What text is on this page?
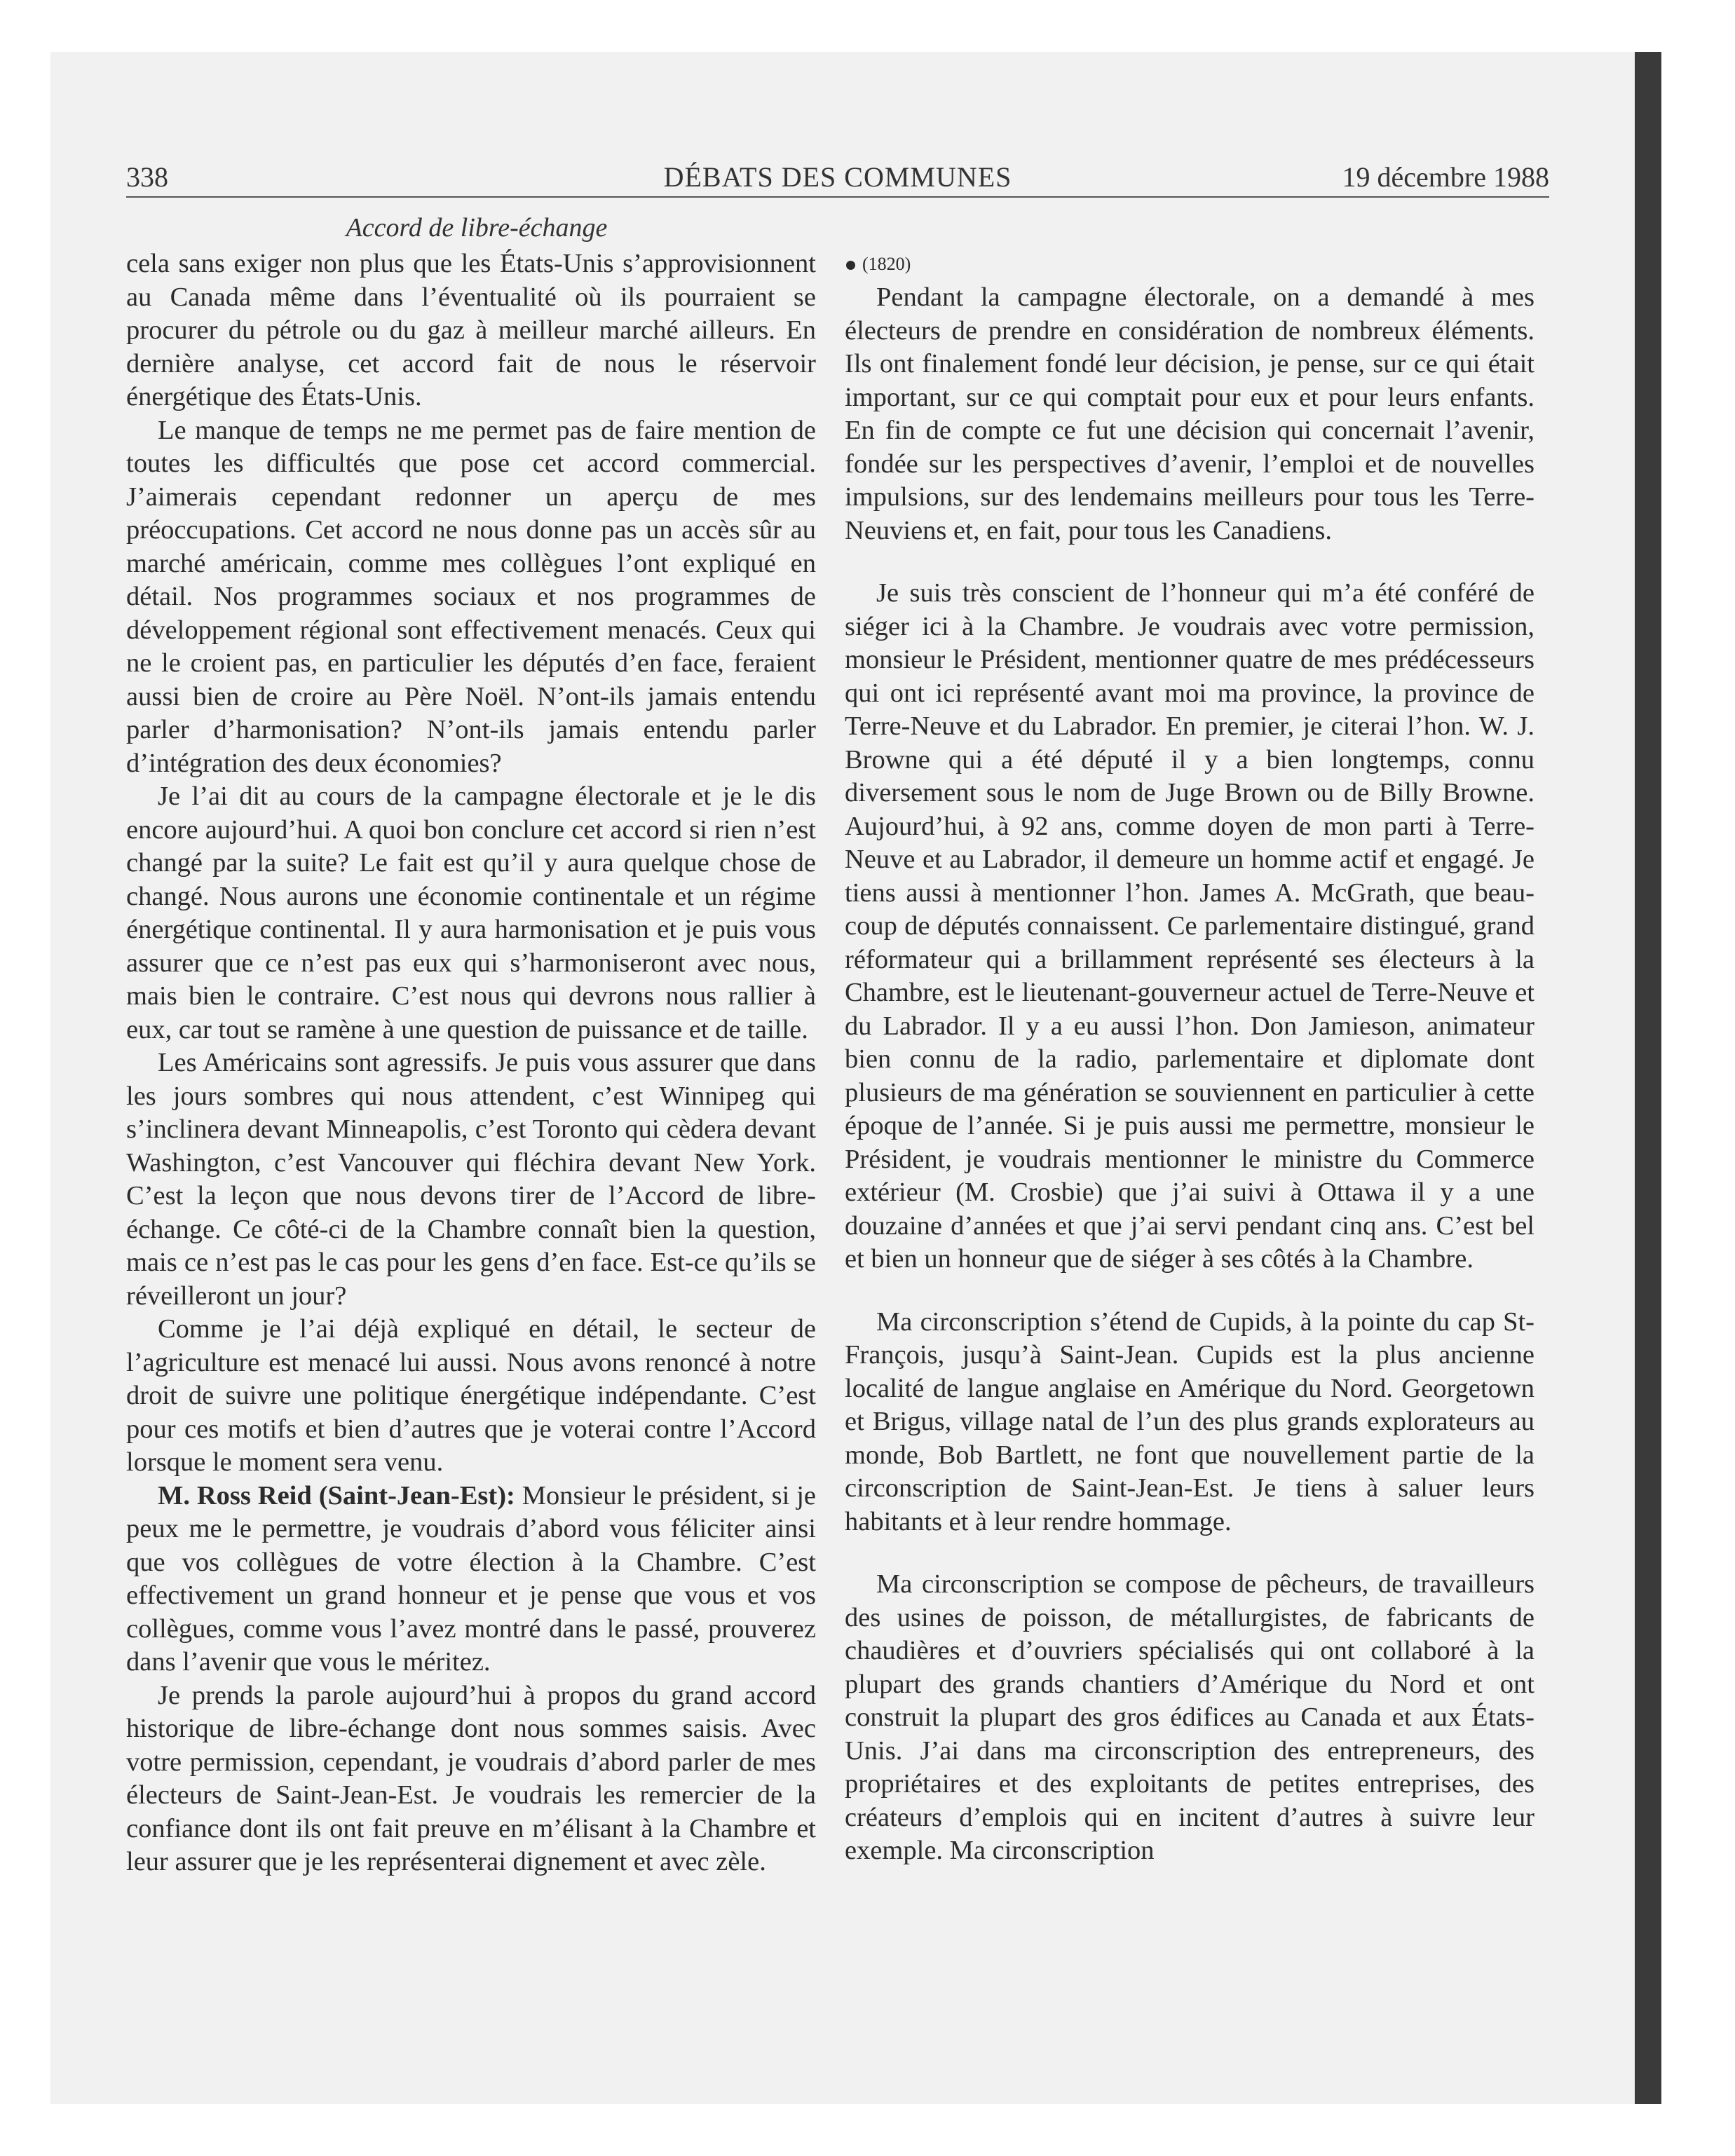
338	DÉBATS DES COMMUNES	19 décembre 1988
Accord de libre-échange

cela sans exiger non plus que les États-Unis s’approvisionnent au Canada même dans l’éventualité où ils pourraient se procurer du pétrole ou du gaz à meilleur marché ailleurs. En dernière analyse, cet accord fait de nous le réservoir énergétique des États-Unis.

Le manque de temps ne me permet pas de faire mention de toutes les difficultés que pose cet accord commercial. J’aimerais cependant redonner un aperçu de mes préoccupations. Cet accord ne nous donne pas un accès sûr au marché américain, comme mes collègues l’ont expliqué en détail. Nos programmes sociaux et nos programmes de développement régional sont effectivement menacés. Ceux qui ne le croient pas, en particulier les députés d’en face, feraient aussi bien de croire au Père Noël. N’ont-ils jamais entendu parler d’harmonisation? N’ont-ils jamais entendu parler d’intégration des deux économies?

Je l’ai dit au cours de la campagne électorale et je le dis encore aujourd’hui. A quoi bon conclure cet accord si rien n’est changé par la suite? Le fait est qu’il y aura quelque chose de changé. Nous aurons une économie continentale et un régime énergétique continental. Il y aura harmonisation et je puis vous assurer que ce n’est pas eux qui s’harmoniseront avec nous, mais bien le contraire. C’est nous qui devrons nous rallier à eux, car tout se ramène à une question de puissance et de taille.

Les Américains sont agressifs. Je puis vous assurer que dans les jours sombres qui nous attendent, c’est Winnipeg qui s’inclinera devant Minneapolis, c’est Toronto qui cèdera devant Washington, c’est Vancouver qui fléchira devant New York. C’est la leçon que nous devons tirer de l’Accord de libre-échange. Ce côté-ci de la Chambre connaît bien la question, mais ce n’est pas le cas pour les gens d’en face. Est-ce qu’ils se réveilleront un jour?

Comme je l’ai déjà expliqué en détail, le secteur de l’agriculture est menacé lui aussi. Nous avons renoncé à notre droit de suivre une politique énergétique indépendante. C’est pour ces motifs et bien d’autres que je voterai contre l’Accord lorsque le moment sera venu.

M. Ross Reid (Saint-Jean-Est): Monsieur le président, si je peux me le permettre, je voudrais d’abord vous féliciter ainsi que vos collègues de votre élection à la Chambre. C’est effectivement un grand honneur et je pense que vous et vos collègues, comme vous l’avez montré dans le passé, prouverez dans l’avenir que vous le méritez.

Je prends la parole aujourd’hui à propos du grand accord historique de libre-échange dont nous sommes saisis. Avec votre permission, cependant, je voudrais d’abord parler de mes électeurs de Saint-Jean-Est. Je voudrais les remercier de la confiance dont ils ont fait preuve en m’élisant à la Chambre et leur assurer que je les représenterai dignement et avec zèle.

(1820)

Pendant la campagne électorale, on a demandé à mes électeurs de prendre en considération de nombreux éléments. Ils ont finalement fondé leur décision, je pense, sur ce qui était important, sur ce qui comptait pour eux et pour leurs enfants. En fin de compte ce fut une décision qui concernait l’avenir, fondée sur les perspectives d’avenir, l’emploi et de nouvelles impulsions, sur des lendemains meilleurs pour tous les Terre-Neuviens et, en fait, pour tous les Canadiens.

Je suis très conscient de l’honneur qui m’a été conféré de siéger ici à la Chambre. Je voudrais avec votre permission, monsieur le Président, mentionner quatre de mes prédécesseurs qui ont ici représenté avant moi ma province, la province de Terre-Neuve et du Labrador. En premier, je citerai l’hon. W. J. Browne qui a été député il y a bien longtemps, connu diversement sous le nom de Juge Brown ou de Billy Browne. Aujourd’hui, à 92 ans, comme doyen de mon parti à Terre-Neuve et au Labrador, il demeure un homme actif et engagé. Je tiens aussi à mentionner l’hon. James A. McGrath, que beaucoup de députés connaissent. Ce parlementaire distingué, grand réformateur qui a brillamment représenté ses électeurs à la Chambre, est le lieutenant-gouverneur actuel de Terre-Neuve et du Labrador. Il y a eu aussi l’hon. Don Jamieson, animateur bien connu de la radio, parlementaire et diplomate dont plusieurs de ma génération se souviennent en particulier à cette époque de l’année. Si je puis aussi me permettre, monsieur le Président, je voudrais mentionner le ministre du Commerce extérieur (M. Crosbie) que j’ai suivi à Ottawa il y a une douzaine d’années et que j’ai servi pendant cinq ans. C’est bel et bien un honneur que de siéger à ses côtés à la Chambre.

Ma circonscription s’étend de Cupids, à la pointe du cap St-François, jusqu’à Saint-Jean. Cupids est la plus ancienne localité de langue anglaise en Amérique du Nord. Georgetown et Brigus, village natal de l’un des plus grands explorateurs au monde, Bob Bartlett, ne font que nouvellement partie de la circonscription de Saint-Jean-Est. Je tiens à saluer leurs habitants et à leur rendre hommage.

Ma circonscription se compose de pêcheurs, de travailleurs des usines de poisson, de métallurgistes, de fabricants de chaudières et d’ouvriers spécialisés qui ont collaboré à la plupart des grands chantiers d’Amérique du Nord et ont construit la plupart des gros édifices au Canada et aux États-Unis. J’ai dans ma circonscription des entrepreneurs, des propriétaires et des exploitants de petites entreprises, des créateurs d’emplois qui en incitent d’autres à suivre leur exemple. Ma circonscription
